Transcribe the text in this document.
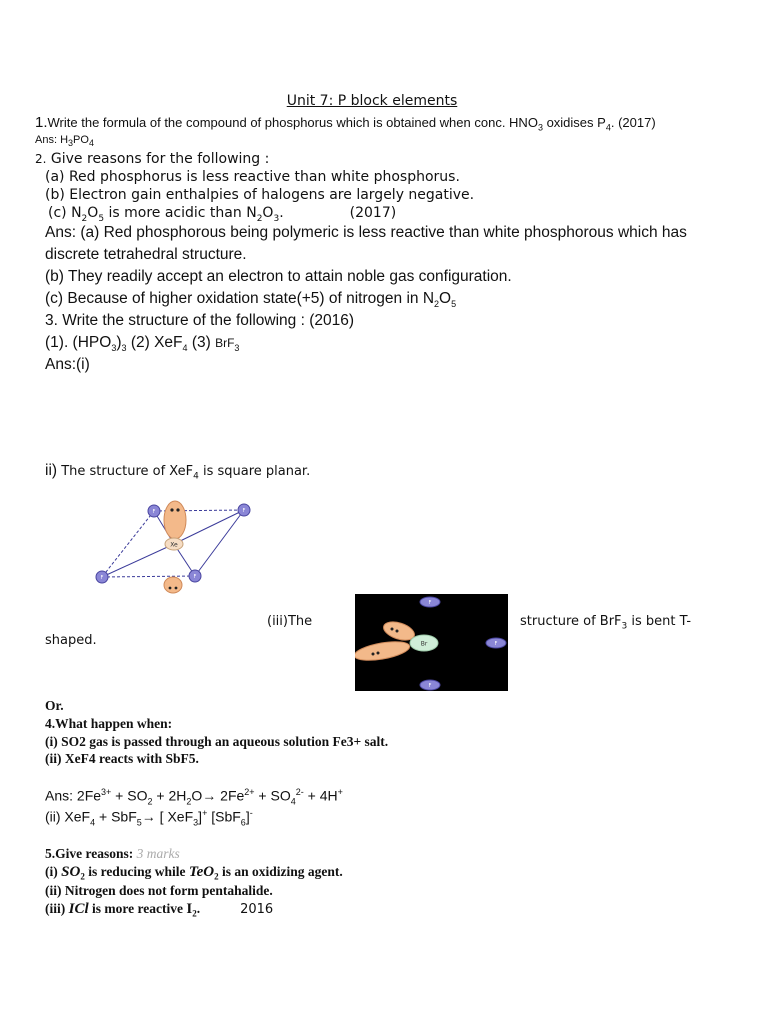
Unit 7: P block elements
1.Write the formula of the compound of phosphorus which is obtained when conc. $HNO_3$ oxidises $P_4$. (2017)
Ans: $H_3PO_4$
2. Give reasons for the following :
(a) Red phosphorus is less reactive than white phosphorus.
(b) Electron gain enthalpies of halogens are largely negative.
(c) $N_2O_5$ is more acidic than $N_2O_3$.	(2017)
Ans: (a) Red phosphorous being polymeric is less reactive than white phosphorous which has
discrete tetrahedral structure.
(b) They readily accept an electron to attain noble gas configuration.
(c) Because of higher oxidation state(+5) of nitrogen in $N_2O_5$
3. Write the structure of the following : (2016)
(1). $(HPO_3)_3$ (2) XeF$_4$ (3) BrF$_3$
Ans:(i)
ii) The structure of XeF$_4$ is square planar.
Xe
F	F
F	F
(iii)The
Br
F
F
F
structure of BrF$_3$ is bent T-
shaped.
Or.
4.What happen when:
(i) SO2 gas is passed through an aqueous solution Fe3+ salt.
(ii) XeF4 reacts with SbF5.
Ans: $2Fe^{3+} + SO_2 + 2H_2O\to 2Fe^{2+} + SO_4^{2-} + 4H^+$
(ii) XeF$_4$ + SbF$_5$→ [ XeF$_3$]+ [SbF$_6$]-
5.Give reasons: 3 marks
(i) $SO_2$ is reducing while TeO$_2$ is an oxidizing agent.
(ii) Nitrogen does not form pentahalide.
(iii) ICl is more reactive $I_2$.	2016
